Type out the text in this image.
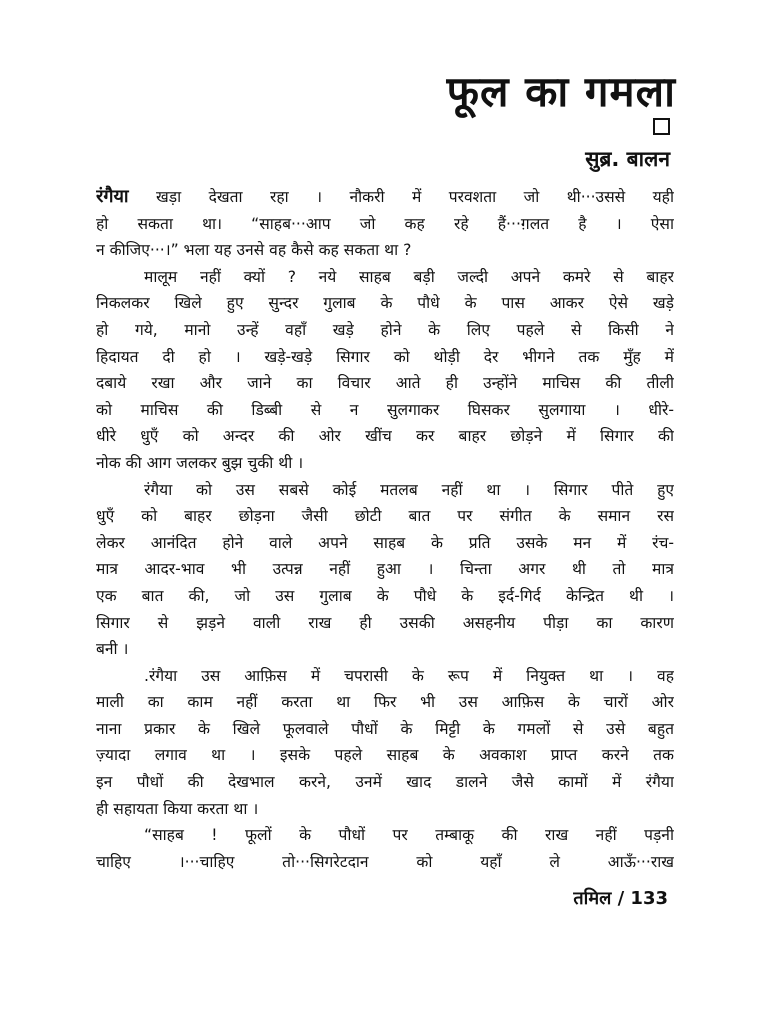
फूल का गमला
सुब्र. बालन
रंगैया खड़ा देखता रहा । नौकरी में परवशता जो थी···उससे यही
हो सकता था। “साहब···आप जो कह रहे हैं···ग़लत है । ऐसा
न कीजिए···।” भला यह उनसे वह कैसे कह सकता था ?
मालूम नहीं क्यों ? नये साहब बड़ी जल्दी अपने कमरे से बाहर
निकलकर खिले हुए सुन्दर गुलाब के पौधे के पास आकर ऐसे खड़े
हो गये, मानो उन्हें वहाँ खड़े होने के लिए पहले से किसी ने
हिदायत दी हो । खड़े-खड़े सिगार को थोड़ी देर भीगने तक मुँह में
दबाये रखा और जाने का विचार आते ही उन्होंने माचिस की तीली
को माचिस की डिब्बी से न सुलगाकर घिसकर सुलगाया । धीरे-
धीरे धुएँ को अन्दर की ओर खींच कर बाहर छोड़ने में सिगार की
नोक की आग जलकर बुझ चुकी थी ।
रंगैया को उस सबसे कोई मतलब नहीं था । सिगार पीते हुए
धुएँ को बाहर छोड़ना जैसी छोटी बात पर संगीत के समान रस
लेकर आनंदित होने वाले अपने साहब के प्रति उसके मन में रंच-
मात्र आदर-भाव भी उत्पन्न नहीं हुआ । चिन्ता अगर थी तो मात्र
एक बात की, जो उस गुलाब के पौधे के इर्द-गिर्द केन्द्रित थी ।
सिगार से झड़ने वाली राख ही उसकी असहनीय पीड़ा का कारण
बनी ।
.रंगैया उस आफ़िस में चपरासी के रूप में नियुक्त था । वह
माली का काम नहीं करता था फिर भी उस आफ़िस के चारों ओर
नाना प्रकार के खिले फूलवाले पौधों के मिट्टी के गमलों से उसे बहुत
ज़्यादा लगाव था । इसके पहले साहब के अवकाश प्राप्त करने तक
इन पौधों की देखभाल करने, उनमें खाद डालने जैसे कामों में रंगैया
ही सहायता किया करता था ।
“साहब ! फूलों के पौधों पर तम्बाकू की राख नहीं पड़नी
चाहिए ।···चाहिए तो···सिगरेटदान को यहाँ ले आऊँ···राख
तमिल / 133
